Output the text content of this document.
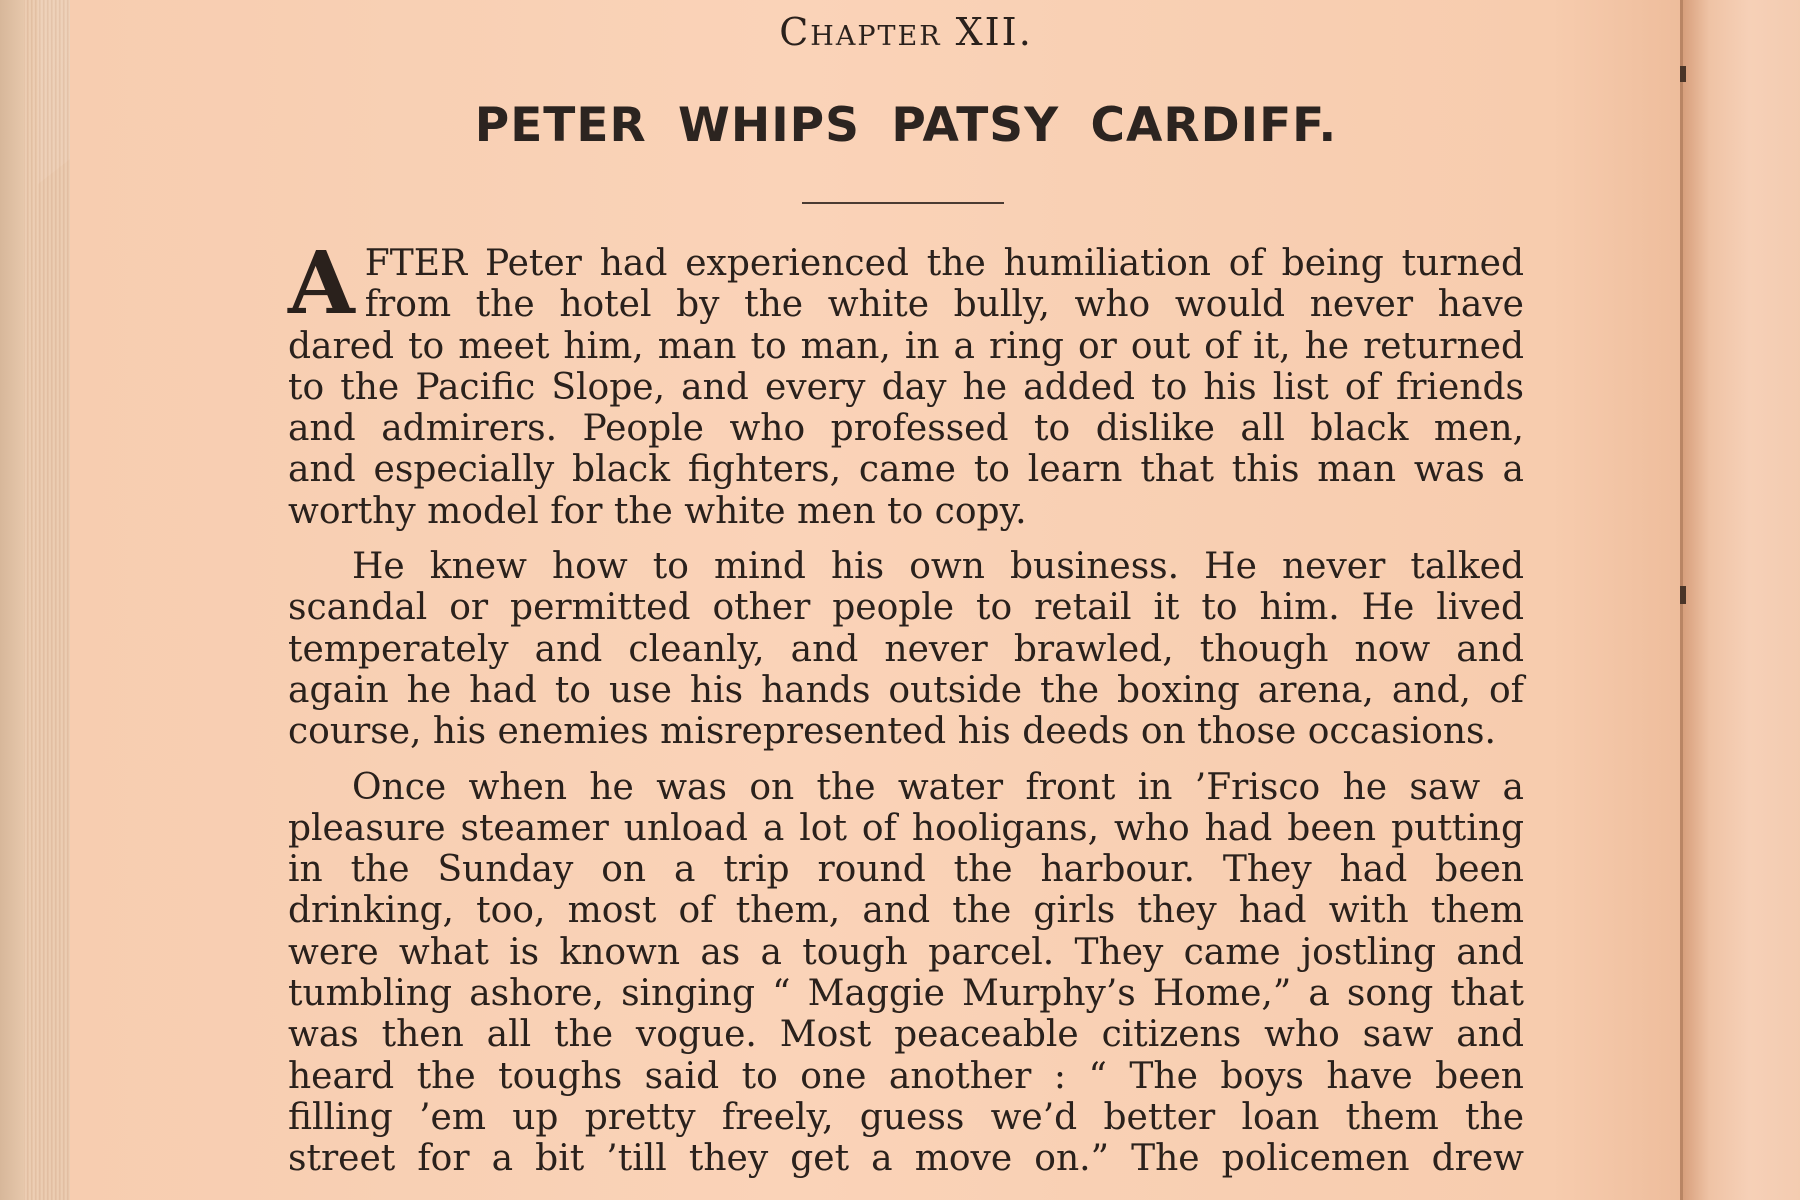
Chapter XII.
PETER WHIPS PATSY CARDIFF.
A FTER Peter had experienced the humiliation of being turned
from the hotel by the white bully, who would never have
dared to meet him, man to man, in a ring or out of it, he returned
to the Pacific Slope, and every day he added to his list of friends
and admirers. People who professed to dislike all black men,
and especially black fighters, came to learn that this man was a
worthy model for the white men to copy.
He knew how to mind his own business. He never talked
scandal or permitted other people to retail it to him. He lived
temperately and cleanly, and never brawled, though now and
again he had to use his hands outside the boxing arena, and, of
course, his enemies misrepresented his deeds on those occasions.
Once when he was on the water front in ’Frisco he saw a
pleasure steamer unload a lot of hooligans, who had been putting
in the Sunday on a trip round the harbour. They had been
drinking, too, most of them, and the girls they had with them
were what is known as a tough parcel. They came jostling and
tumbling ashore, singing “ Maggie Murphy’s Home,” a song that
was then all the vogue. Most peaceable citizens who saw and
heard the toughs said to one another : “ The boys have been
filling ’em up pretty freely, guess we’d better loan them the
street for a bit ’till they get a move on.” The policemen drew
